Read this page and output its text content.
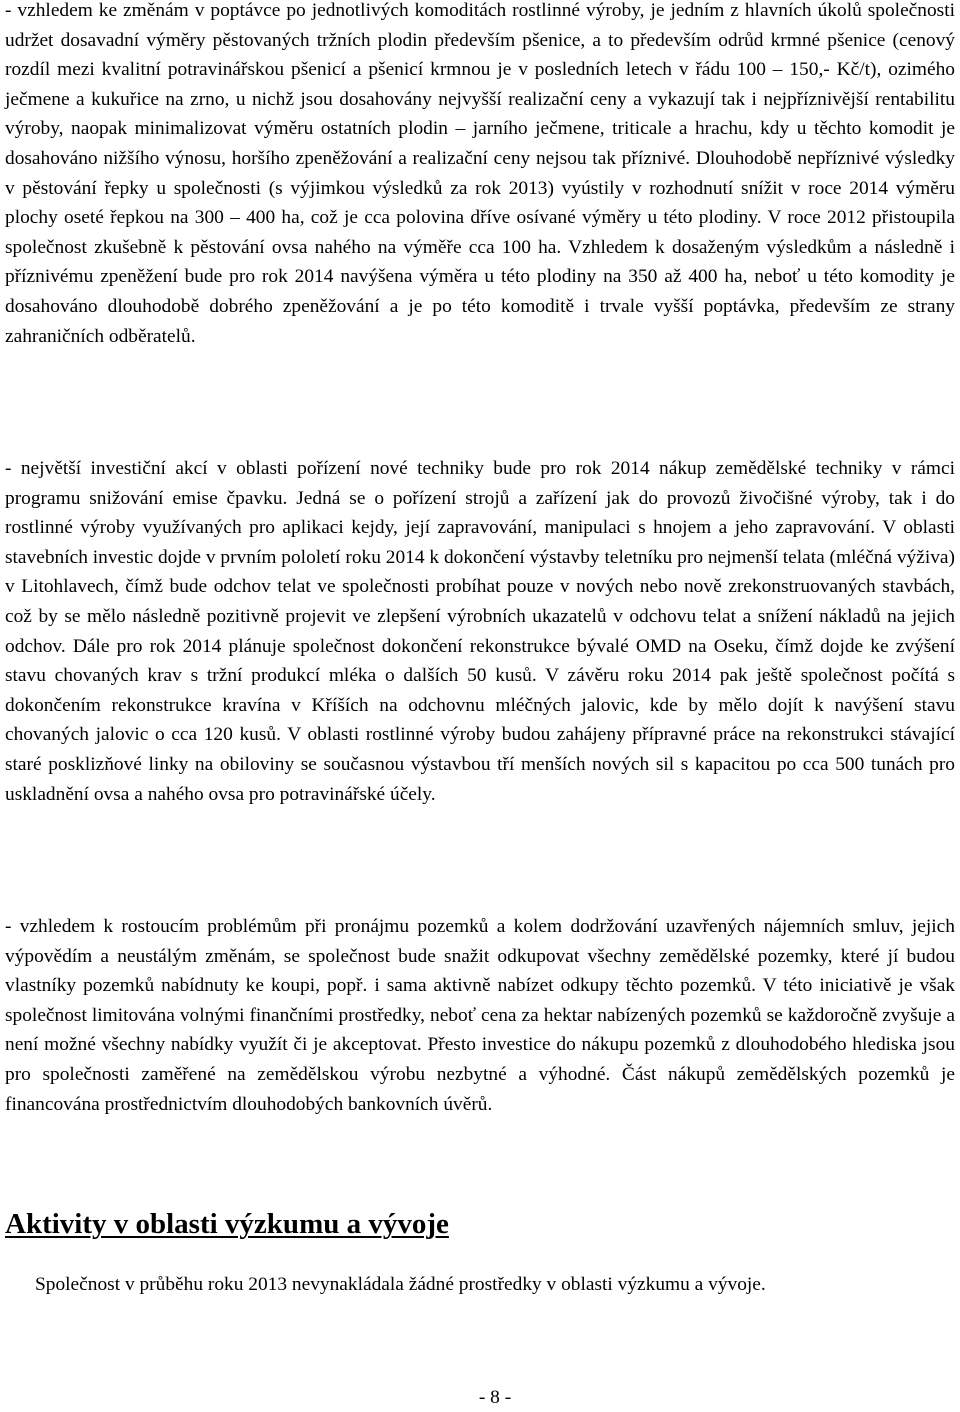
- vzhledem ke změnám v poptávce po jednotlivých komoditách rostlinné výroby, je jedním z hlavních úkolů společnosti udržet dosavadní výměry pěstovaných tržních plodin především pšenice, a to především odrůd krmné pšenice (cenový rozdíl mezi kvalitní potravinářskou pšenicí a pšenicí krmnou je v posledních letech v řádu 100 – 150,- Kč/t), ozimého ječmene a kukuřice na zrno, u nichž jsou dosahovány nejvyšší realizační ceny a vykazují tak i nejpříznivější rentabilitu výroby, naopak minimalizovat výměru ostatních plodin – jarního ječmene, triticale a hrachu, kdy u těchto komodit je dosahováno nižšího výnosu, horšího zpeněžování a realizační ceny nejsou tak příznivé. Dlouhodobě nepříznivé výsledky v pěstování řepky u společnosti (s výjimkou výsledků za rok 2013) vyústily v rozhodnutí snížit v roce 2014 výměru plochy oseté řepkou na 300 – 400 ha, což je cca polovina dříve osívané výměry u této plodiny. V roce 2012 přistoupila společnost zkušebně k pěstování ovsa nahého na výměře cca 100 ha. Vzhledem k dosaženým výsledkům a následně i příznivému zpeněžení bude pro rok 2014 navýšena výměra u této plodiny na 350 až 400 ha, neboť u této komodity je dosahováno dlouhodobě dobrého zpeněžování a je po této komoditě i trvale vyšší poptávka, především ze strany zahraničních odběratelů.

- největší investiční akcí v oblasti pořízení nové techniky bude pro rok 2014 nákup zemědělské techniky v rámci programu snižování emise čpavku. Jedná se o pořízení strojů a zařízení jak do provozů živočišné výroby, tak i do rostlinné výroby využívaných pro aplikaci kejdy, její zapravování, manipulaci s hnojem a jeho zapravování. V oblasti stavebních investic dojde v prvním pololetí roku 2014 k dokončení výstavby teletníku pro nejmenší telata (mléčná výživa) v Litohlavech, čímž bude odchov telat ve společnosti probíhat pouze v nových nebo nově zrekonstruovaných stavbách, což by se mělo následně pozitivně projevit ve zlepšení výrobních ukazatelů v odchovu telat a snížení nákladů na jejich odchov. Dále pro rok 2014 plánuje společnost dokončení rekonstrukce bývalé OMD na Oseku, čímž dojde ke zvýšení stavu chovaných krav s tržní produkcí mléka o dalších 50 kusů. V závěru roku 2014 pak ještě společnost počítá s dokončením rekonstrukce kravína v Kříších na odchovnu mléčných jalovic, kde by mělo dojít k navýšení stavu chovaných jalovic o cca 120 kusů. V oblasti rostlinné výroby budou zahájeny přípravné práce na rekonstrukci stávající staré posklizňové linky na obiloviny se současnou výstavbou tří menších nových sil s kapacitou po cca 500 tunách pro uskladnění ovsa a nahého ovsa pro potravinářské účely.

- vzhledem k rostoucím problémům při pronájmu pozemků a kolem dodržování uzavřených nájemních smluv, jejich výpovědím a neustálým změnám, se společnost bude snažit odkupovat všechny zemědělské pozemky, které jí budou vlastníky pozemků nabídnuty ke koupi, popř. i sama aktivně nabízet odkupy těchto pozemků. V této iniciativě je však společnost limitována volnými finančními prostředky, neboť cena za hektar nabízených pozemků se každoročně zvyšuje a není možné všechny nabídky využít či je akceptovat. Přesto investice do nákupu pozemků z dlouhodobého hlediska jsou pro společnosti zaměřené na zemědělskou výrobu nezbytné a výhodné. Část nákupů zemědělských pozemků je financována prostřednictvím dlouhodobých bankovních úvěrů.

Aktivity v oblasti výzkumu a vývoje

Společnost v průběhu roku 2013 nevynakládala žádné prostředky v oblasti výzkumu a vývoje.

- 8 -
